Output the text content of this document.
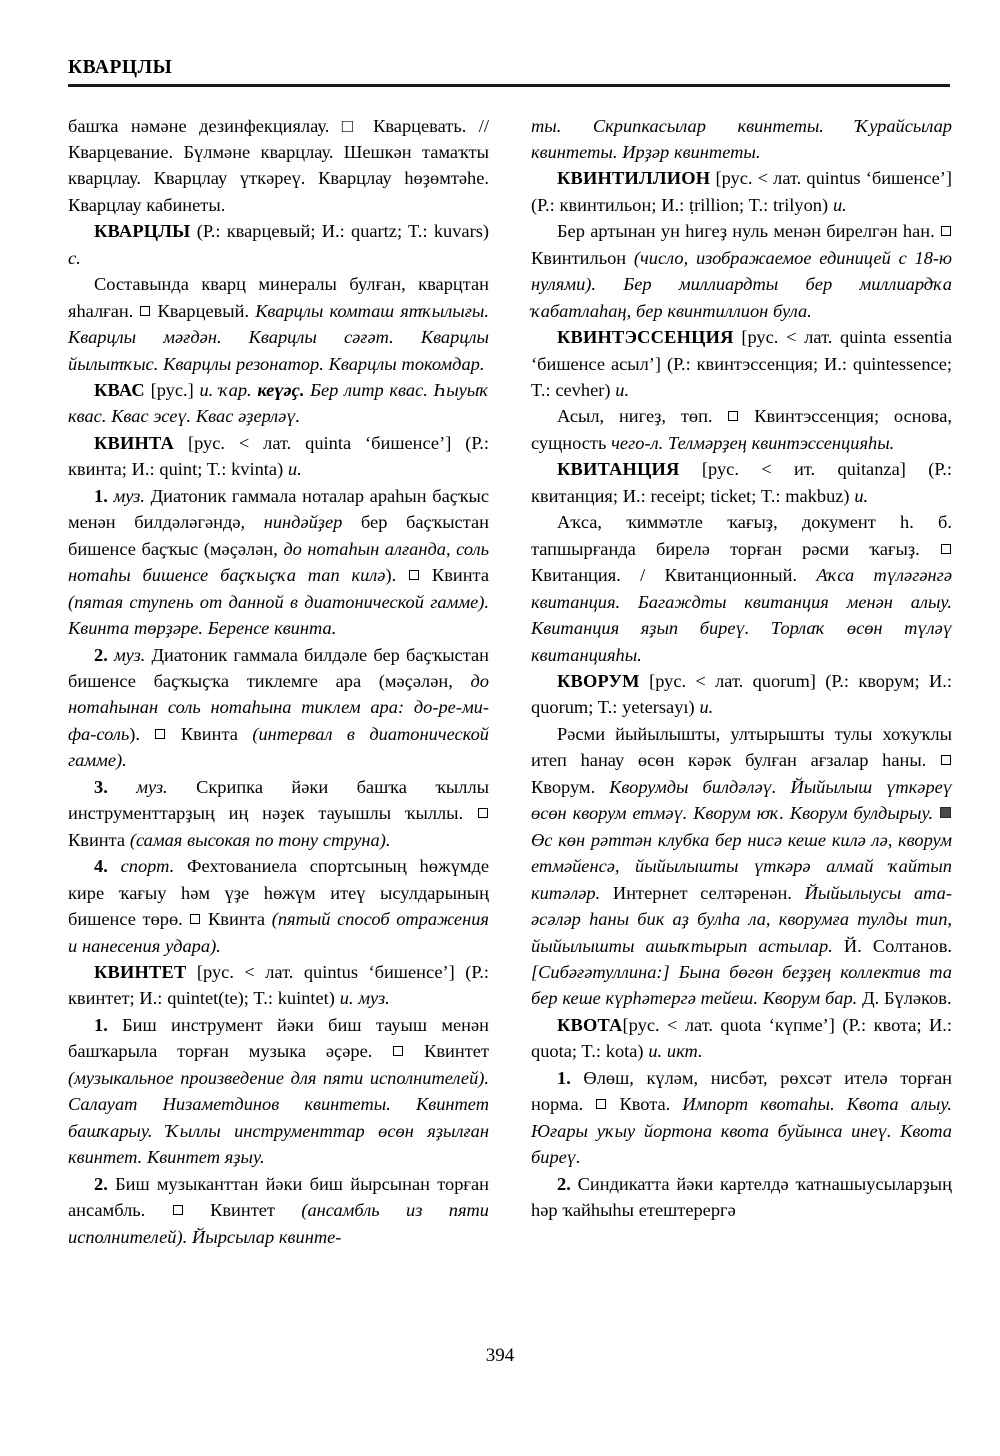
КВАРЦЛЫ

башҡа нәмәне дезинфекциялау. □ Кварцевать. // Кварцевание. Бүлмәне кварцлау. Шешкән тамаҡты кварцлау. Кварцлау үткәреү. Кварцлау һөҙөмтәһе. Кварцлау кабинеты.

КВАРЦЛЫ (Р.: кварцевый; И.: quartz; T.: kuvars) с.

Составында кварц минералы булған, кварцтан яһалған. Кварцевый. Кварцлы комташ ятҡылығы. Кварцлы мәғдән. Кварцлы сәғәт. Кварцлы йылытҡыс. Кварцлы резонатор. Кварцлы токомдар.

КВАС [рус.] и. ҡар. кеүәҫ. Бер литр квас. Һыуыҡ квас. Квас эсеү. Квас әҙерләү.

КВИНТА [рус. < лат. quinta ‘бишенсе’] (Р.: квинта; И.: quint; T.: kvinta) и.

1. муз. Диатоник гаммала ноталар араһын баҫҡыс менән билдәләгәндә, ниндәйҙер бер баҫҡыстан бишенсе баҫҡыс (мәҫәлән, до нотаһын алғанда, соль нотаһы бишенсе баҫҡыҫҡа тап килә). Квинта (пятая ступень от данной в диатонической гамме). Квинта төрҙәре. Беренсе квинта.

2. муз. Диатоник гаммала билдәле бер баҫҡыстан бишенсе баҫҡыҫҡа тиклемге ара (мәҫәлән, до нотаһынан соль нотаһына тиклем ара: до-ре-ми-фа-соль). Квинта (интервал в диатонической гамме).

3. муз. Скрипка йәки башҡа ҡыллы инструменттарҙың иң нәҙек тауышлы ҡыллы.  Квинта (самая высокая по тону струна).

4. спорт. Фехтованиела спортсының һөжүмде кире ҡағыу һәм үҙе һөжүм итеү ысулдарының бишенсе төрө. Квинта (пятый способ отражения и нанесения удара).

КВИНТЕТ [рус. < лат. quintus ‘бишенсе’] (Р.: квинтет; И.: quintet(te); T.: kuintet) и. муз.

1. Биш инструмент йәки биш тауыш менән башҡарыла торған музыка әҫәре.	Квинтет (музыкальное произведение для пяти исполнителей). Салауат Низаметдинов квинтеты. Квинтет башҡарыу. Ҡыллы инструменттар өсөн яҙылған квинтет. Квинтет яҙыу.

2. Биш музыканттан йәки биш йырсынан торған ансамбль.	Квинтет (ансамбль из пяти исполнителей). Йырсылар квинте-

ты. Скрипкасылар квинтеты. Ҡурайсылар квинтеты. Ирҙәр квинтеты.

КВИНТИЛЛИОН [рус. < лат. quintus ‘бишенсе’] (Р.: квинтильон; И.: ṭrillion; T.: trilyon) и.

Бер артынан ун һигеҙ нуль менән бирелгән һан.  Квинтильон (число, изображаемое единицей с 18-ю нулями). Бер миллиардты бер миллиардҡа ҡабатлаһаң, бер квинтиллион була.

КВИНТЭССЕНЦИЯ [рус. < лат. quinta essentia ‘бишенсе асыл’] (Р.: квинтэссенция; И.: quintessence; T.: cevher) и.

Асыл, нигеҙ, төп. Квинтэссенция; основа, сущность чего-л. Телмәрҙең квинтэссенцияһы.

КВИТАНЦИЯ [рус. < ит. quitanza] (Р.: квитанция; И.: receipt; ticket; T.: makbuz) и.

Аҡса, ҡиммәтле ҡағыҙ, документ һ. б. тапшырғанда бирелә торған рәсми ҡағыҙ.  Квитанция. / Квитанционный. Аҡса түләгәнгә квитанция. Багаждты квитанция менән алыу. Квитанция яҙып биреү. Торлаҡ өсөн түләү квитанцияһы.

КВОРУМ [рус. < лат. quorum] (Р.: кворум; И.: quorum; T.: yetersayı) и.

Рәсми йыйылышты, ултырышты тулы хоҡуҡлы итеп һанау өсөн кәрәк булған ағзалар һаны.  Кворум. Кворумды билдәләү. Йыйылыш үткәреү өсөн кворум етмәү. Кворум юҡ. Кворум булдырыу.  Өс көн рәттән клубка бер нисә кеше килә лә, кворум етмәйенсә, йыйылышты үткәрә алмай ҡайтып китәләр. Интернет селтәренән. Йыйылыусы ата-әсәләр һаны бик аҙ булһа ла, кворумға тулды тип, йыйылышты ашыҡтырып астылар. Й. Солтанов. [Сибәғәтуллина:] Бына бөгөн беҙҙең коллектив та бер кеше күрһәтергә тейеш. Кворум бар. Д. Бүләков.

КВОТА[рус. < лат. quota ‘күпме’] (Р.: квота; И.: quota; T.: kota) и. икт.

1. Өлөш, күләм, нисбәт, рөхсәт ителә торған норма. Квота. Импорт квотаһы. Квота алыу. Юғары уҡыу йортона квота буйынса инеү. Квота биреү.

2. Синдикатта йәки картелдә ҡатнашыусыларҙың һәр ҡайһыһы етештерергә

394
